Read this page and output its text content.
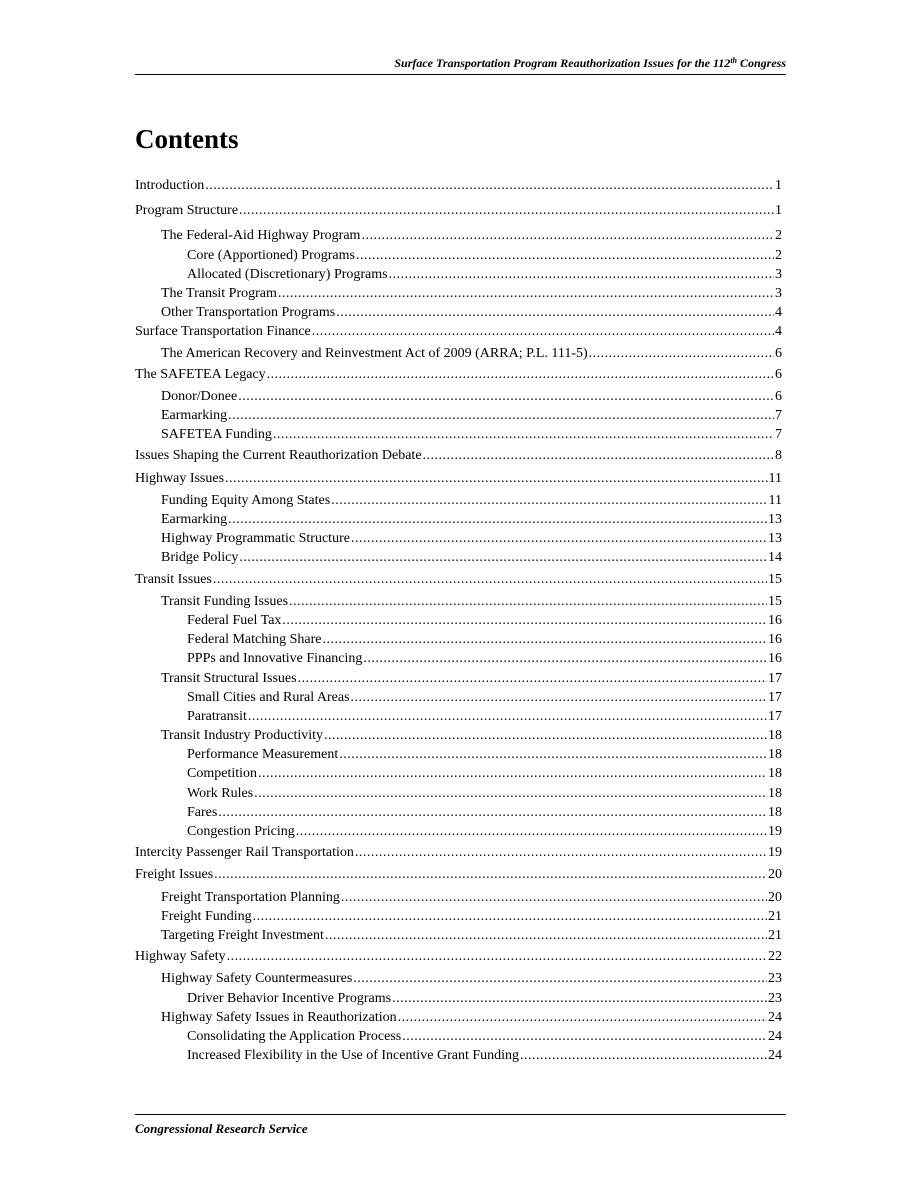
Surface Transportation Program Reauthorization Issues for the 112th Congress
Contents
Introduction . . .	1
Program Structure . . .	1
The Federal-Aid Highway Program . . .	2
Core (Apportioned) Programs . . .	2
Allocated (Discretionary) Programs . . .	3
The Transit Program . . .	3
Other Transportation Programs . . .	4
Surface Transportation Finance . . .	4
The American Recovery and Reinvestment Act of 2009 (ARRA; P.L. 111-5) . . .	6
The SAFETEA Legacy . . .	6
Donor/Donee . . .	6
Earmarking . . .	7
SAFETEA Funding . . .	7
Issues Shaping the Current Reauthorization Debate . . .	8
Highway Issues . . .	11
Funding Equity Among States . . .	11
Earmarking . . .	13
Highway Programmatic Structure . . .	13
Bridge Policy . . .	14
Transit Issues . . .	15
Transit Funding Issues . . .	15
Federal Fuel Tax . . .	16
Federal Matching Share . . .	16
PPPs and Innovative Financing . . .	16
Transit Structural Issues . . .	17
Small Cities and Rural Areas . . .	17
Paratransit . . .	17
Transit Industry Productivity . . .	18
Performance Measurement . . .	18
Competition . . .	18
Work Rules . . .	18
Fares . . .	18
Congestion Pricing . . .	19
Intercity Passenger Rail Transportation . . .	19
Freight Issues . . .	20
Freight Transportation Planning . . .	20
Freight Funding . . .	21
Targeting Freight Investment . . .	21
Highway Safety . . .	22
Highway Safety Countermeasures . . .	23
Driver Behavior Incentive Programs . . .	23
Highway Safety Issues in Reauthorization . . .	24
Consolidating the Application Process . . .	24
Increased Flexibility in the Use of Incentive Grant Funding . . .	24
Congressional Research Service
